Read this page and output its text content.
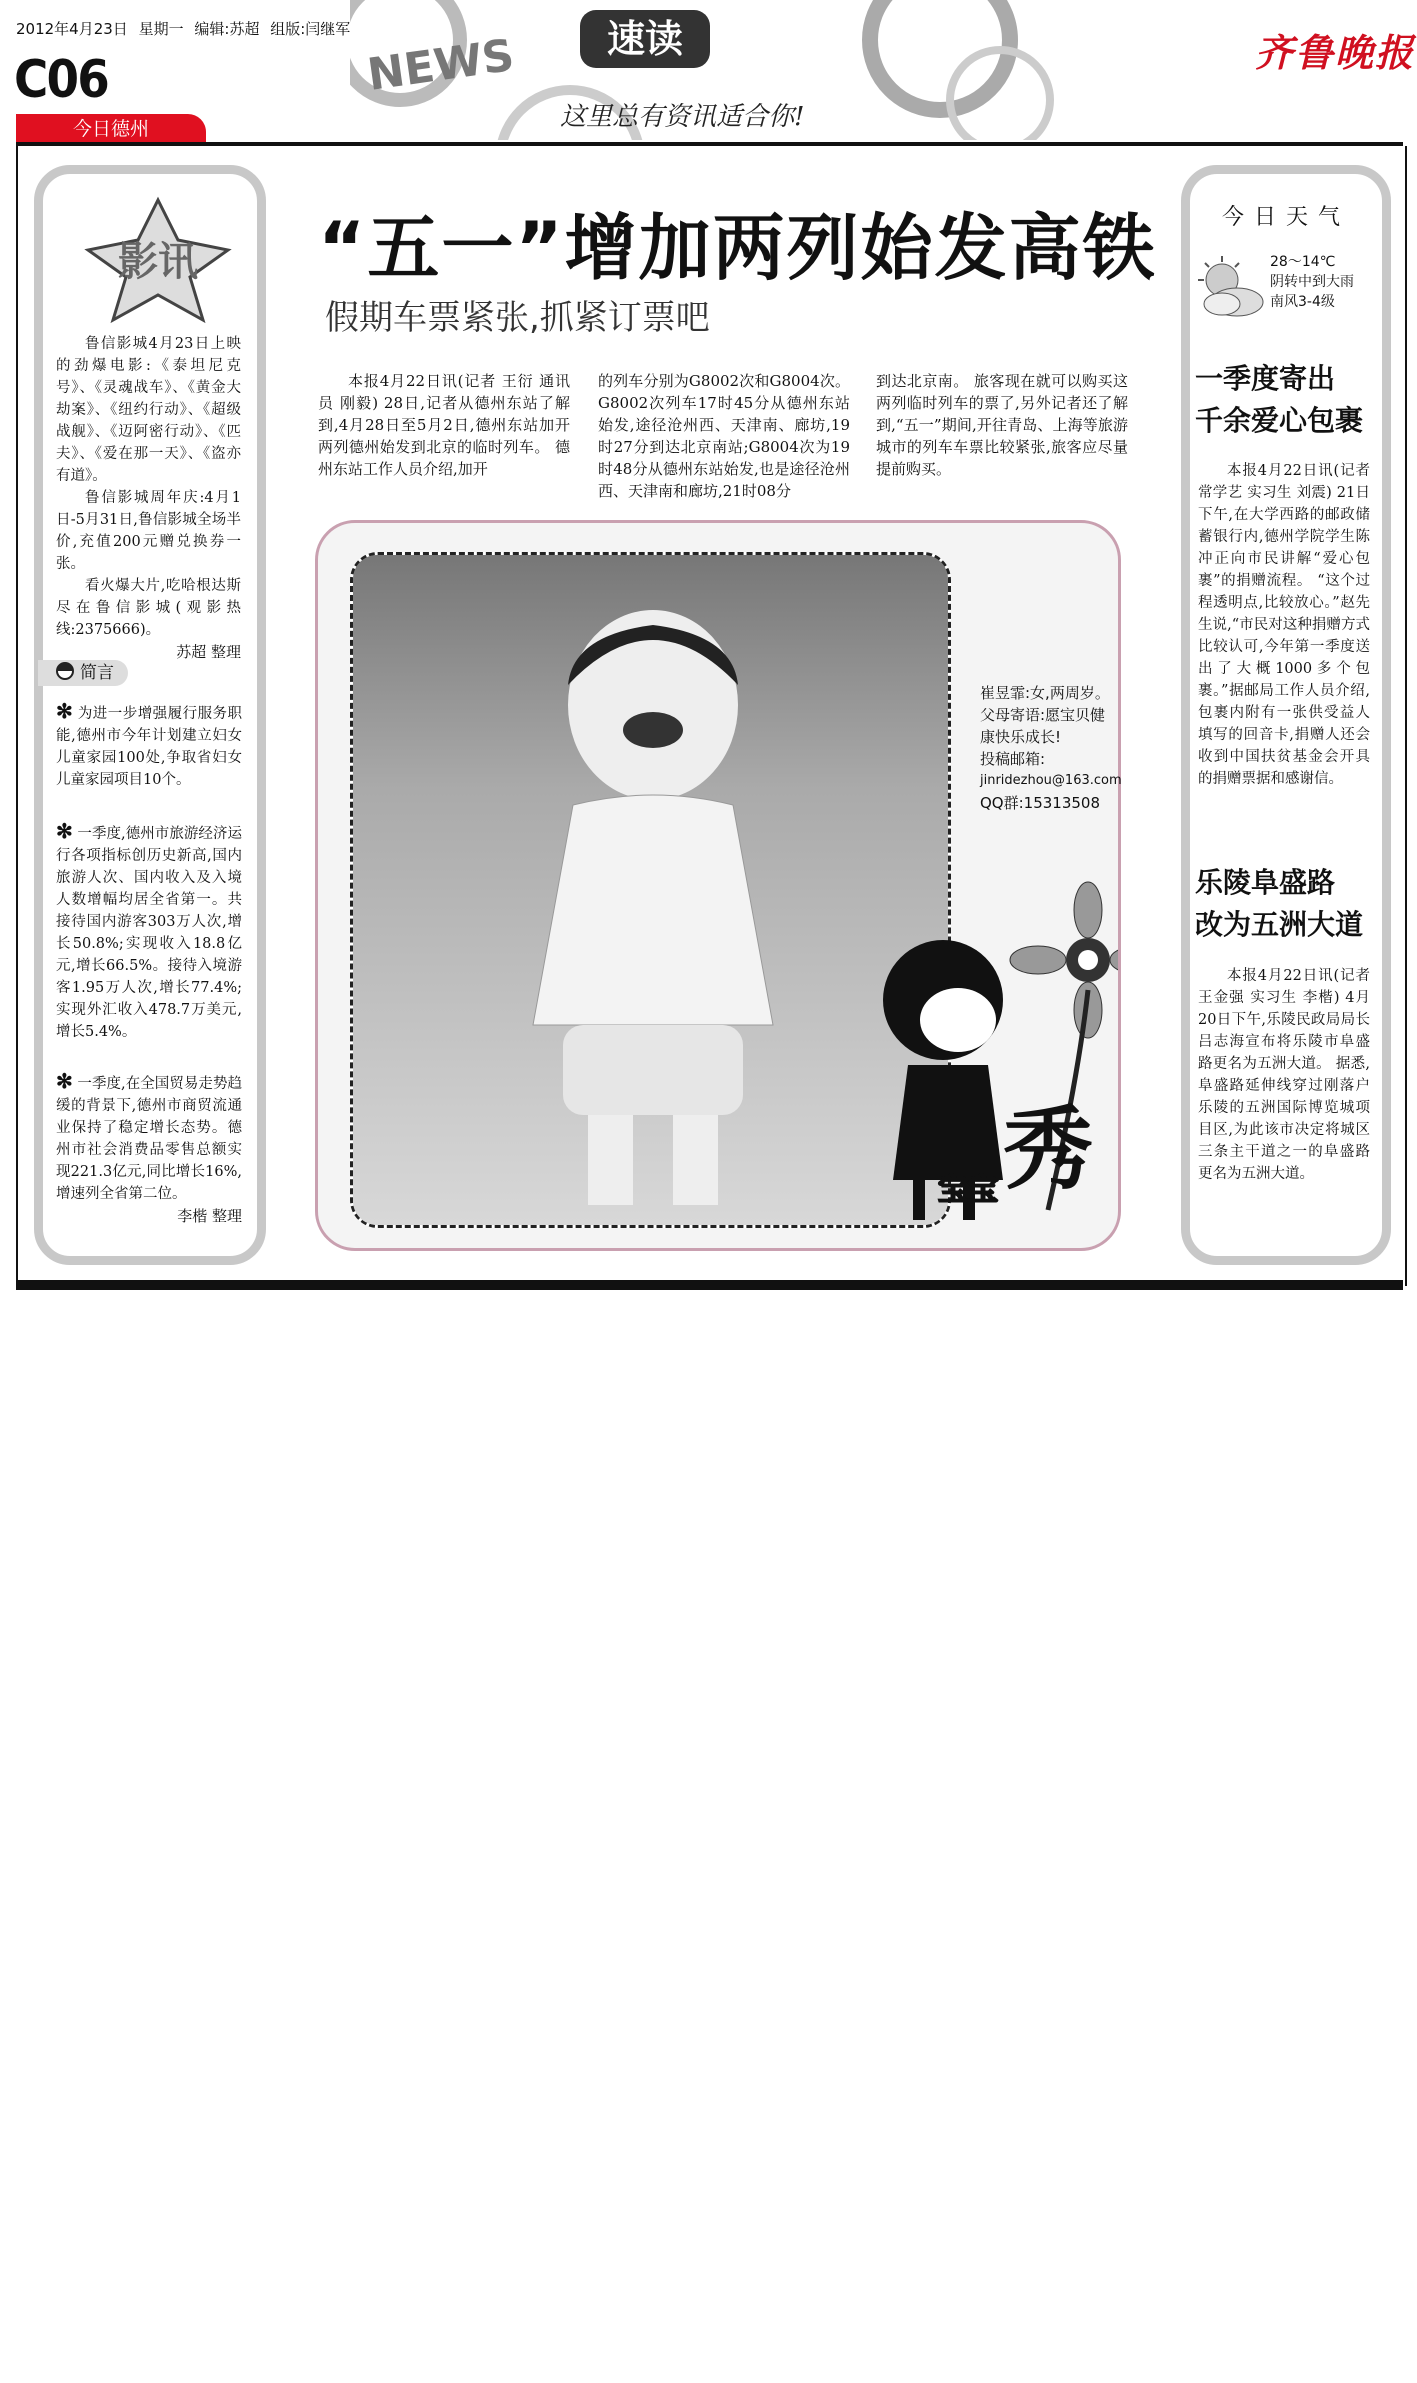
2012年4月23日 星期一 编辑:苏超 组版:闫继军
C06
今日德州
速读
NEWS
这里总有资讯适合你!
齐鲁晚报
影讯
鲁信影城4月23日上映的劲爆电影:《泰坦尼克号》、《灵魂战车》、《黄金大劫案》、《纽约行动》、《超级战舰》、《迈阿密行动》、《匹夫》、《爱在那一天》、《盗亦有道》。
鲁信影城周年庆:4月1日-5月31日,鲁信影城全场半价,充值200元赠兑换券一张。
看火爆大片,吃哈根达斯尽在鲁信影城(观影热线:2375666)。
苏超 整理
简言
✻ 为进一步增强履行服务职能,德州市今年计划建立妇女儿童家园100处,争取省妇女儿童家园项目10个。
✻ 一季度,德州市旅游经济运行各项指标创历史新高,国内旅游人次、国内收入及入境人数增幅均居全省第一。共接待国内游客303万人次,增长50.8%;实现收入18.8亿元,增长66.5%。接待入境游客1.95万人次,增长77.4%;实现外汇收入478.7万美元,增长5.4%。
✻ 一季度,在全国贸易走势趋缓的背景下,德州市商贸流通业保持了稳定增长态势。德州市社会消费品零售总额实现221.3亿元,同比增长16%,增速列全省第二位。
李楷 整理
“五一”增加两列始发高铁
假期车票紧张,抓紧订票吧
本报4月22日讯(记者 王衍 通讯员 刚毅) 28日,记者从德州东站了解到,4月28日至5月2日,德州东站加开两列德州始发到北京的临时列车。 德州东站工作人员介绍,加开
的列车分别为G8002次和G8004次。G8002次列车17时45分从德州东站始发,途径沧州西、天津南、廊坊,19时27分到达北京南站;G8004次为19时48分从德州东站始发,也是途径沧州西、天津南和廊坊,21时08分
到达北京南。 旅客现在就可以购买这两列临时列车的票了,另外记者还了解到,“五一”期间,开往青岛、上海等旅游城市的列车车票比较紧张,旅客应尽量提前购买。
崔昱霏:女,两周岁。
父母寄语:愿宝贝健康快乐成长!
投稿邮箱:
jinridezhou@163.com
QQ群:15313508
宝宝 秀
今日天气
28～14℃
阴转中到大雨
南风3-4级
一季度寄出
千余爱心包裹
本报4月22日讯(记者 常学艺 实习生 刘震) 21日下午,在大学西路的邮政储蓄银行内,德州学院学生陈冲正向市民讲解“爱心包裹”的捐赠流程。 “这个过程透明点,比较放心。”赵先生说,“市民对这种捐赠方式比较认可,今年第一季度送出了大概1000多个包裹。”据邮局工作人员介绍,包裹内附有一张供受益人填写的回音卡,捐赠人还会收到中国扶贫基金会开具的捐赠票据和感谢信。
乐陵阜盛路
改为五洲大道
本报4月22日讯(记者 王金强 实习生 李楷) 4月20日下午,乐陵民政局局长吕志海宣布将乐陵市阜盛路更名为五洲大道。 据悉,阜盛路延伸线穿过刚落户乐陵的五洲国际博览城项目区,为此该市决定将城区三条主干道之一的阜盛路更名为五洲大道。
